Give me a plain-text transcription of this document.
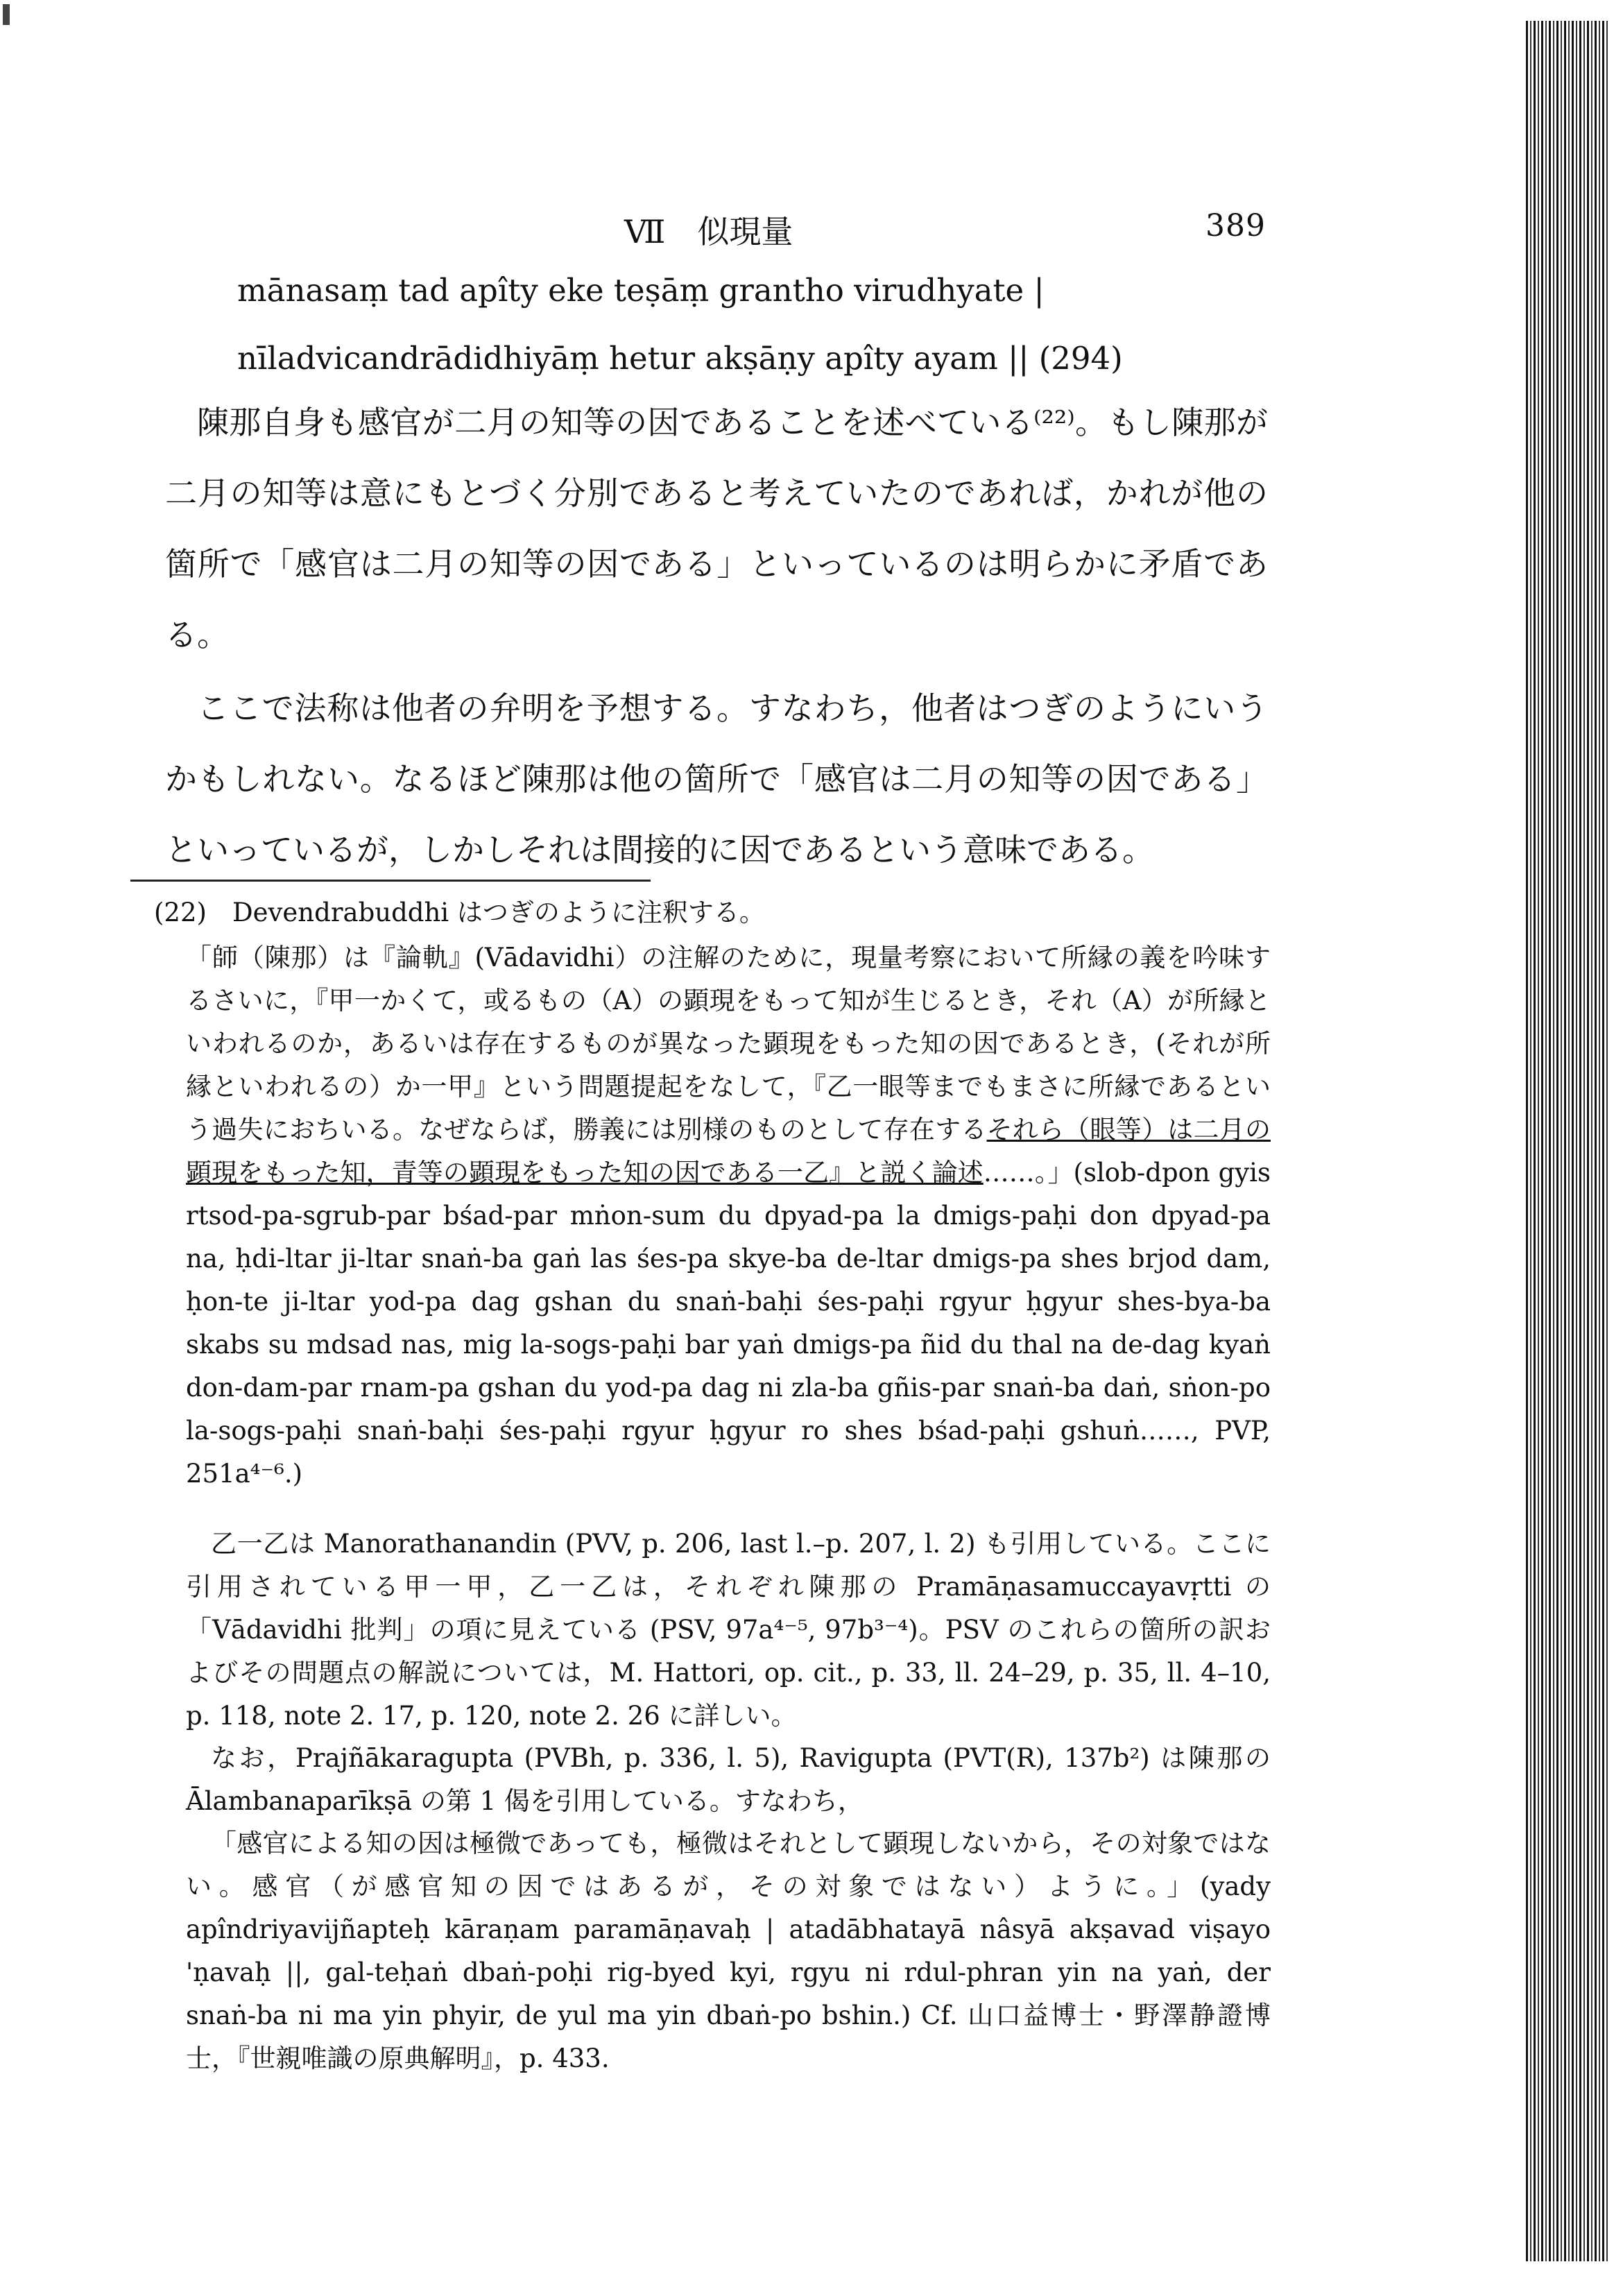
Ⅶ　似現量	389
mānasaṃ tad apîty eke teṣāṃ grantho virudhyate |
nīladvicandrādidhiyāṃ hetur akṣāṇy apîty ayam || (294)

陳那自身も感官が二月の知等の因であることを述べている⁽²²⁾。もし陳那が二月の知等は意にもとづく分別であると考えていたのであれば，かれが他の箇所で「感官は二月の知等の因である」といっているのは明らかに矛盾である。

ここで法称は他者の弁明を予想する。すなわち，他者はつぎのようにいうかもしれない。なるほど陳那は他の箇所で「感官は二月の知等の因である」といっているが，しかしそれは間接的に因であるという意味である。

(22)　Devendrabuddhi はつぎのように注釈する。

「師（陳那）は『論軌』(Vādavidhi）の注解のために，現量考察において所縁の義を吟味するさいに，『甲一かくて，或るもの（A）の顕現をもって知が生じるとき，それ（A）が所縁といわれるのか，あるいは存在するものが異なった顕現をもった知の因であるとき，(それが所縁といわれるの）か一甲』という問題提起をなして，『乙一眼等までもまさに所縁であるという過失におちいる。なぜならば，勝義には別様のものとして存在するそれら（眼等）は二月の顕現をもった知，青等の顕現をもった知の因である一乙』と説く論述……。」(slob-dpon gyis rtsod-pa-sgrub-par bśad-par mṅon-sum du dpyad-pa la dmigs-paḥi don dpyad-pa na, ḥdi-ltar ji-ltar snaṅ-ba gaṅ las śes-pa skye-ba de-ltar dmigs-pa shes brjod dam, ḥon-te ji-ltar yod-pa dag gshan du snaṅ-baḥi śes-paḥi rgyur ḥgyur shes-bya-ba skabs su mdsad nas, mig la-sogs-paḥi bar yaṅ dmigs-pa ñid du thal na de-dag kyaṅ don-dam-par rnam-pa gshan du yod-pa dag ni zla-ba gñis-par snaṅ-ba daṅ, sṅon-po la-sogs-paḥi snaṅ-baḥi śes-paḥi rgyur ḥgyur ro shes bśad-paḥi gshuṅ……, PVP, 251a⁴⁻⁶.)

乙一乙は Manorathanandin (PVV, p. 206, last l.–p. 207, l. 2) も引用している。ここに引用されている甲一甲，乙一乙は，それぞれ陳那の Pramāṇasamuccayavṛtti の「Vādavidhi 批判」の項に見えている (PSV, 97a⁴⁻⁵, 97b³⁻⁴)。PSV のこれらの箇所の訳およびその問題点の解説については，M. Hattori, op. cit., p. 33, ll. 24–29, p. 35, ll. 4–10, p. 118, note 2. 17, p. 120, note 2. 26 に詳しい。

なお，Prajñākaragupta (PVBh, p. 336, l. 5), Ravigupta (PVT(R), 137b²) は陳那の Ālambanaparīkṣā の第 1 偈を引用している。すなわち，

「感官による知の因は極微であっても，極微はそれとして顕現しないから，その対象ではない。感官（が感官知の因ではあるが，その対象ではない）ように。」(yady apîndriyavijñapteḥ kāraṇam paramāṇavaḥ | atadābhatayā nâsyā akṣavad viṣayo 'ṇavaḥ ||, gal-teḥaṅ dbaṅ-poḥi rig-byed kyi, rgyu ni rdul-phran yin na yaṅ, der snaṅ-ba ni ma yin phyir, de yul ma yin dbaṅ-po bshin.) Cf. 山口益博士・野澤静證博士，『世親唯識の原典解明』，p. 433.
